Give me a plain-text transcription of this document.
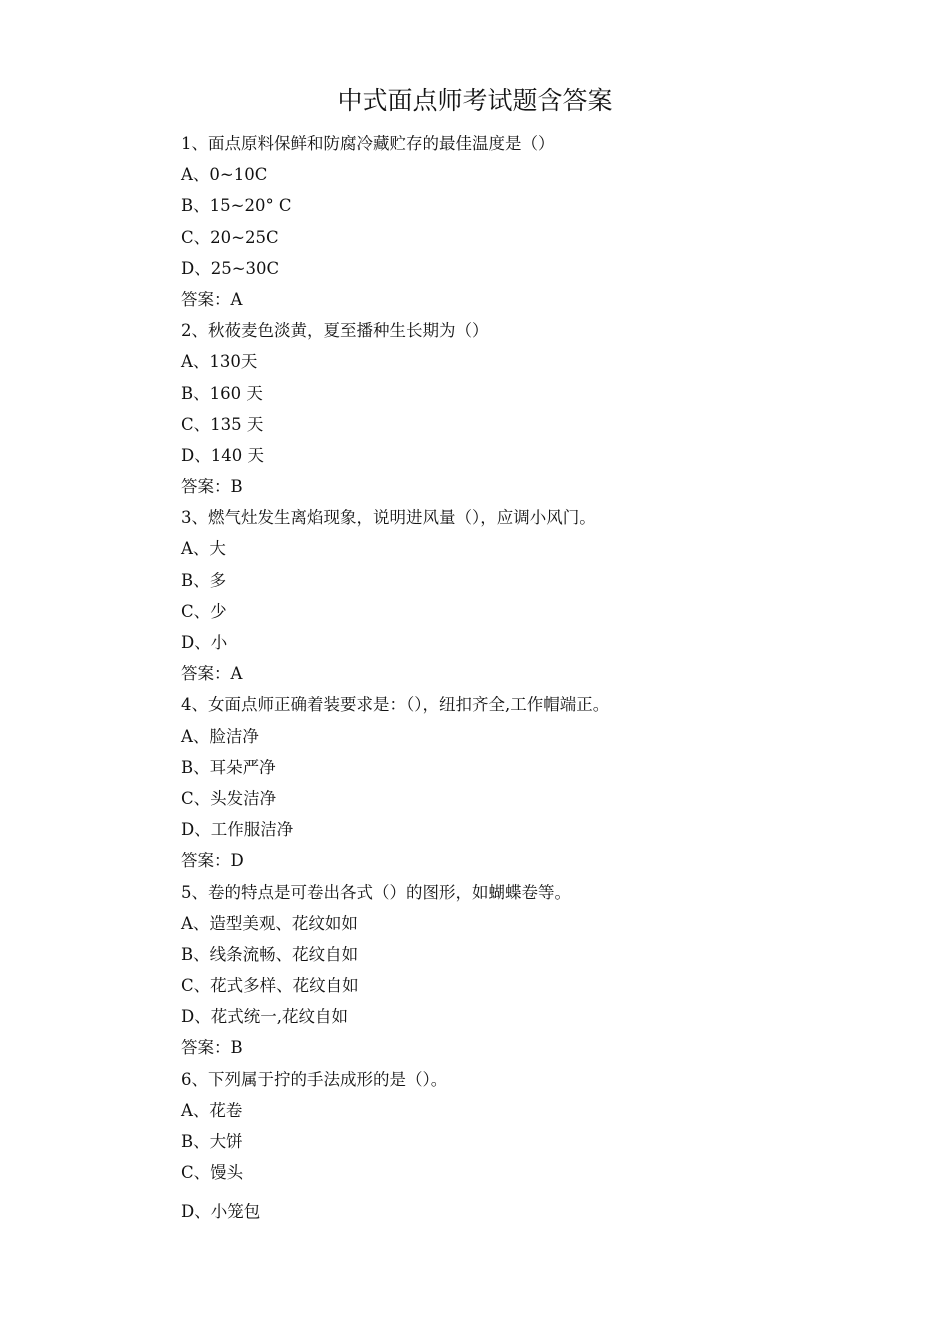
中式面点师考试题含答案
1、面点原料保鲜和防腐冷藏贮存的最佳温度是（）
A、0~10C
B、15~20° C
C、20~25C
D、25~30C
答案：A
2、秋莜麦色淡黄，夏至播种生长期为（）
A、130天
B、160 天
C、135 天
D、140 天
答案：B
3、燃气灶发生离焰现象，说明进风量（），应调小风门。
A、大
B、多
C、少
D、小
答案：A
4、女面点师正确着装要求是：（），纽扣齐全,工作帽端正。
A、脸洁净
B、耳朵严净
C、头发洁净
D、工作服洁净
答案：D
5、卷的特点是可卷出各式（）的图形，如蝴蝶卷等。
A、造型美观、花纹如如
B、线条流畅、花纹自如
C、花式多样、花纹自如
D、花式统一,花纹自如
答案：B
6、下列属于拧的手法成形的是（）。
A、花卷
B、大饼
C、馒头
D、小笼包
